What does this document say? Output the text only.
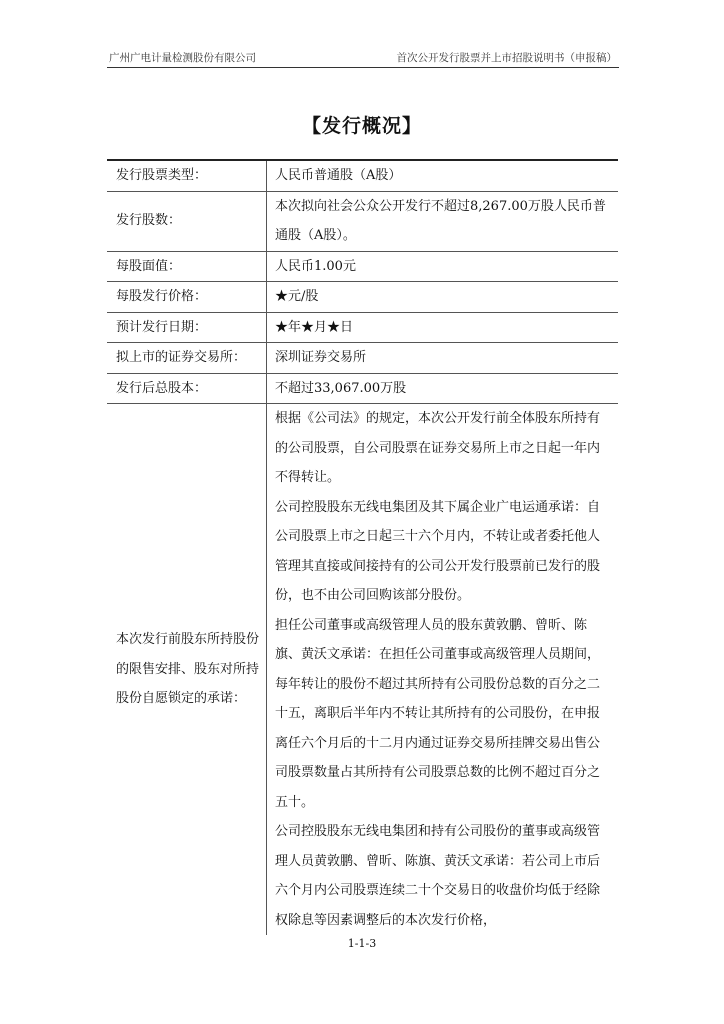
广州广电计量检测股份有限公司	首次公开发行股票并上市招股说明书（申报稿）
【发行概况】
发行股票类型：	人民币普通股（A股）
发行股数：	本次拟向社会公众公开发行不超过8,267.00万股人民币普通股（A股）。
每股面值：	人民币1.00元
每股发行价格：	★元/股
预计发行日期：	★年★月★日
拟上市的证券交易所：	深圳证券交易所
发行后总股本：	不超过33,067.00万股
本次发行前股东所持股份的限售安排、股东对所持股份自愿锁定的承诺：	根据《公司法》的规定，本次公开发行前全体股东所持有的公司股票，自公司股票在证券交易所上市之日起一年内不得转让。
公司控股股东无线电集团及其下属企业广电运通承诺：自公司股票上市之日起三十六个月内，不转让或者委托他人管理其直接或间接持有的公司公开发行股票前已发行的股份，也不由公司回购该部分股份。
担任公司董事或高级管理人员的股东黄敦鹏、曾昕、陈旗、黄沃文承诺：在担任公司董事或高级管理人员期间，每年转让的股份不超过其所持有公司股份总数的百分之二十五，离职后半年内不转让其所持有的公司股份，在申报离任六个月后的十二月内通过证券交易所挂牌交易出售公司股票数量占其所持有公司股票总数的比例不超过百分之五十。
公司控股股东无线电集团和持有公司股份的董事或高级管理人员黄敦鹏、曾昕、陈旗、黄沃文承诺：若公司上市后六个月内公司股票连续二十个交易日的收盘价均低于经除权除息等因素调整后的本次发行价格，
1-1-3
